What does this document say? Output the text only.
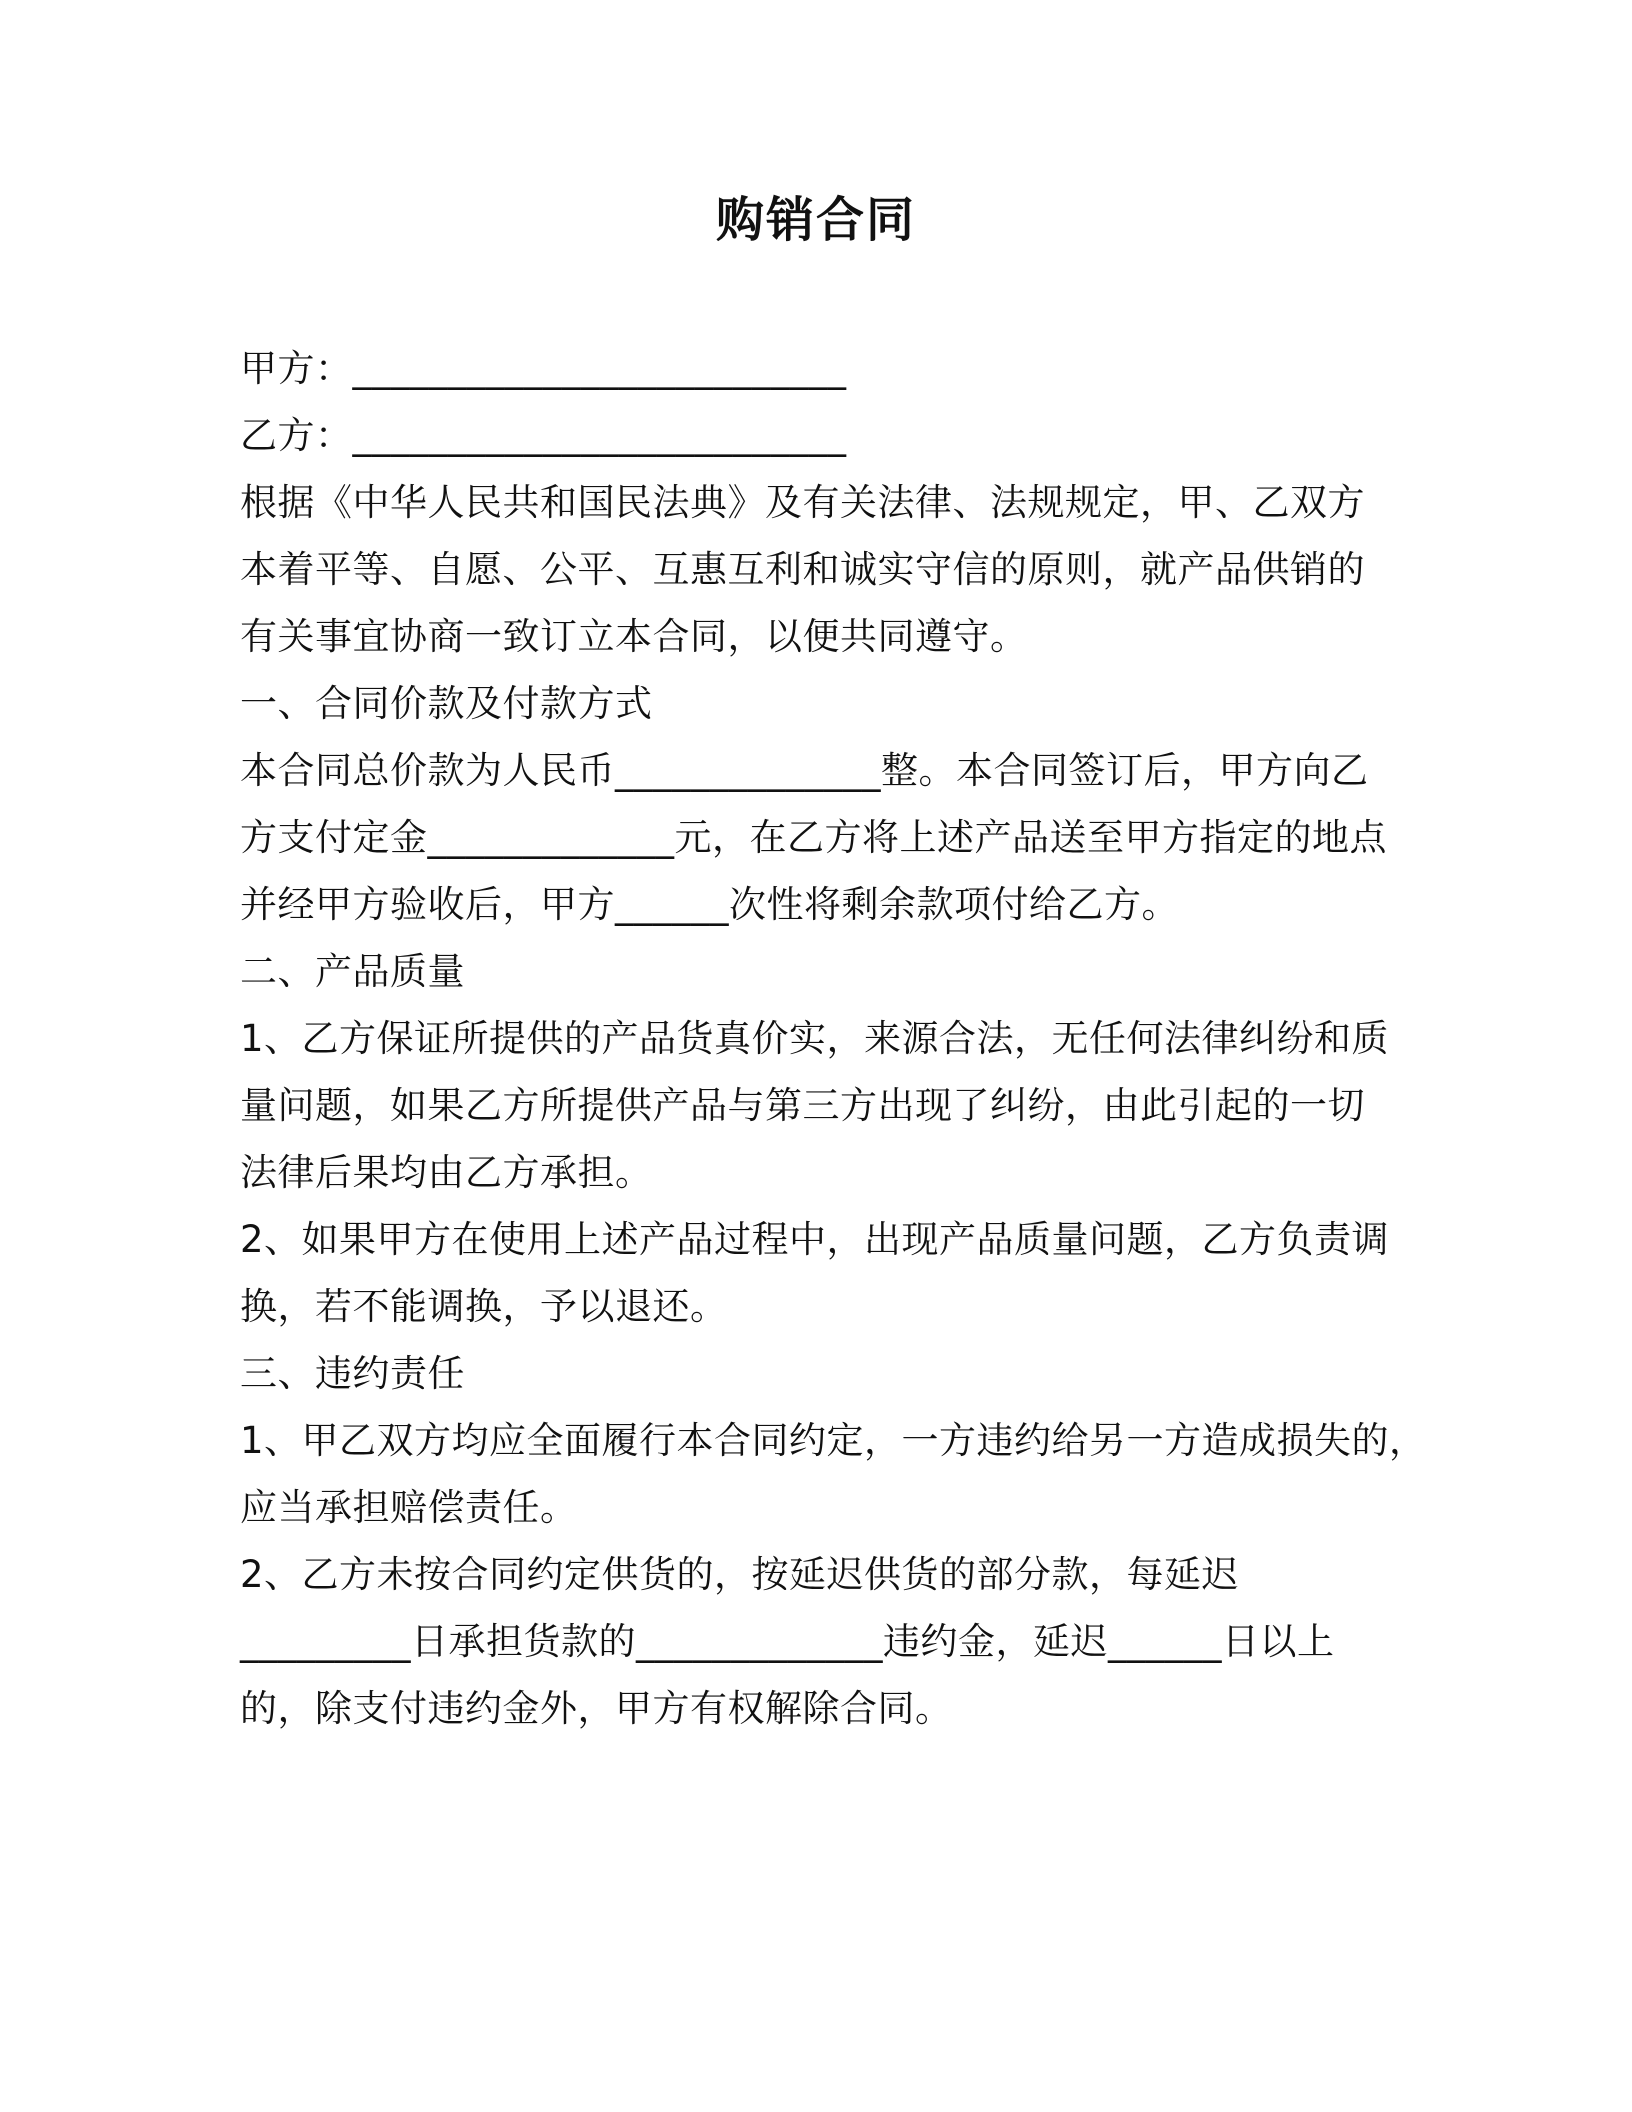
购销合同
甲方：__________________________
乙方：__________________________
根据《中华人民共和国民法典》及有关法律、法规规定，甲、乙双方
本着平等、自愿、公平、互惠互利和诚实守信的原则，就产品供销的
有关事宜协商一致订立本合同，以便共同遵守。
一、合同价款及付款方式
本合同总价款为人民币______________整。本合同签订后，甲方向乙
方支付定金_____________元，在乙方将上述产品送至甲方指定的地点
并经甲方验收后，甲方______次性将剩余款项付给乙方。
二、产品质量
1、乙方保证所提供的产品货真价实，来源合法，无任何法律纠纷和质
量问题，如果乙方所提供产品与第三方出现了纠纷，由此引起的一切
法律后果均由乙方承担。
2、如果甲方在使用上述产品过程中，出现产品质量问题，乙方负责调
换，若不能调换，予以退还。
三、违约责任
1、甲乙双方均应全面履行本合同约定，一方违约给另一方造成损失的，
应当承担赔偿责任。
2、乙方未按合同约定供货的，按延迟供货的部分款，每延迟
_________日承担货款的_____________违约金，延迟______日以上
的，除支付违约金外，甲方有权解除合同。
